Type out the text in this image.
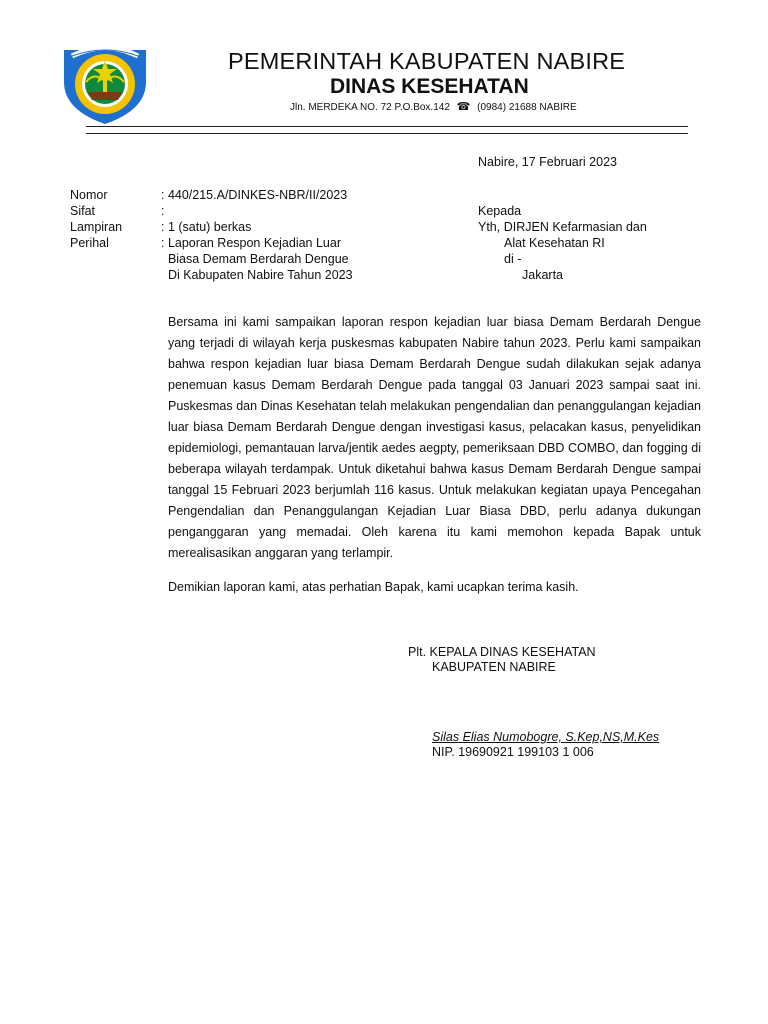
PEMERINTAH KABUPATEN NABIRE
DINAS KESEHATAN
Jln. MERDEKA NO. 72 P.O.Box.142 ☎ (0984) 21688 NABIRE
Nabire, 17 Februari 2023
Nomor	: 440/215.A/DINKES-NBR/II/2023
Sifat	:
Lampiran	: 1 (satu) berkas
Perihal	: Laporan Respon Kejadian Luar
Biasa Demam Berdarah Dengue
Di Kabupaten Nabire Tahun 2023
Kepada
Yth, DIRJEN Kefarmasian dan
Alat Kesehatan RI
di -
Jakarta
Bersama ini kami sampaikan laporan respon kejadian luar biasa Demam Berdarah Dengue yang terjadi di wilayah kerja puskesmas kabupaten Nabire tahun 2023. Perlu kami sampaikan bahwa respon kejadian luar biasa Demam Berdarah Dengue sudah dilakukan sejak adanya penemuan kasus Demam Berdarah Dengue pada tanggal 03 Januari 2023 sampai saat ini. Puskesmas dan Dinas Kesehatan telah melakukan pengendalian dan penanggulangan kejadian luar biasa Demam Berdarah Dengue dengan investigasi kasus, pelacakan kasus, penyelidikan epidemiologi, pemantauan larva/jentik aedes aegpty, pemeriksaan DBD COMBO, dan fogging di beberapa wilayah terdampak. Untuk diketahui bahwa kasus Demam Berdarah Dengue sampai tanggal 15 Februari 2023 berjumlah 116 kasus. Untuk melakukan kegiatan upaya Pencegahan Pengendalian dan Penanggulangan Kejadian Luar Biasa DBD, perlu adanya dukungan penganggaran yang memadai. Oleh karena itu kami memohon kepada Bapak untuk merealisasikan anggaran yang terlampir.
Demikian laporan kami, atas perhatian Bapak, kami ucapkan terima kasih.
Plt. KEPALA DINAS KESEHATAN
KABUPATEN NABIRE
Silas Elias Numobogre, S.Kep,NS,M.Kes
NIP. 19690921 199103 1 006
